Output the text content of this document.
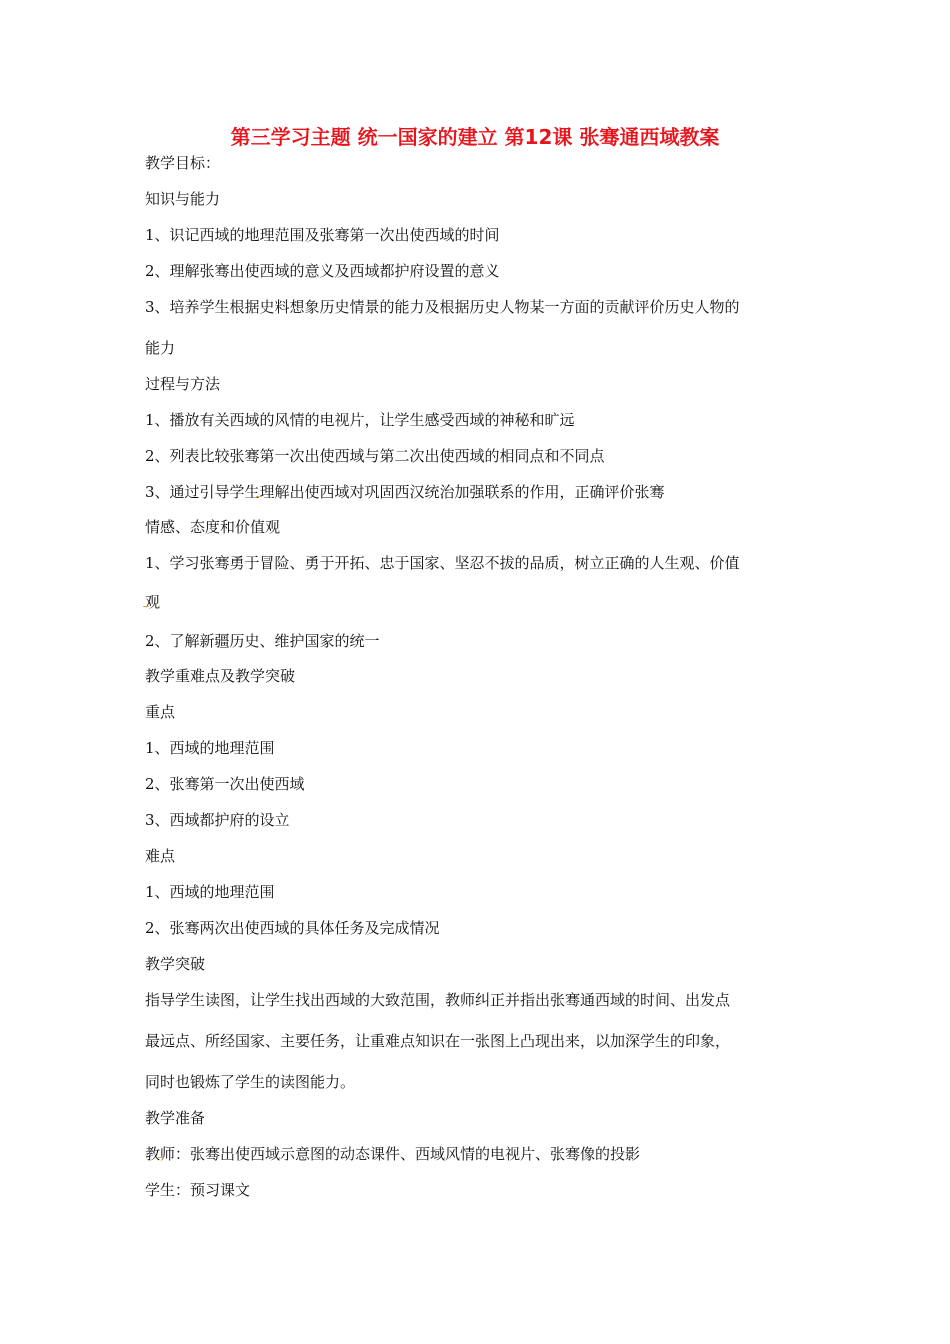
第三学习主题 统一国家的建立 第12课 张骞通西域教案
教学目标：
知识与能力
1、识记西域的地理范围及张骞第一次出使西域的时间
2、理解张骞出使西域的意义及西域都护府设置的意义
3、培养学生根据史料想象历史情景的能力及根据历史人物某一方面的贡献评价历史人物的
能力
过程与方法
1、播放有关西域的风情的电视片，让学生感受西域的神秘和旷远
2、列表比较张骞第一次出使西域与第二次出使西域的相同点和不同点
3、通过引导学生理解出使西域对巩固西汉统治加强联系的作用，正确评价张骞
情感、态度和价值观
1、学习张骞勇于冒险、勇于开拓、忠于国家、坚忍不拔的品质，树立正确的人生观、价值
观
2、了解新疆历史、维护国家的统一
教学重难点及教学突破
重点
1、西域的地理范围
2、张骞第一次出使西域
3、西域都护府的设立
难点
1、西域的地理范围
2、张骞两次出使西域的具体任务及完成情况
教学突破
指导学生读图，让学生找出西域的大致范围，教师纠正并指出张骞通西域的时间、出发点
最远点、所经国家、主要任务，让重难点知识在一张图上凸现出来，以加深学生的印象，
同时也锻炼了学生的读图能力。
教学准备
教师：张骞出使西域示意图的动态课件、西域风情的电视片、张骞像的投影
学生：预习课文
